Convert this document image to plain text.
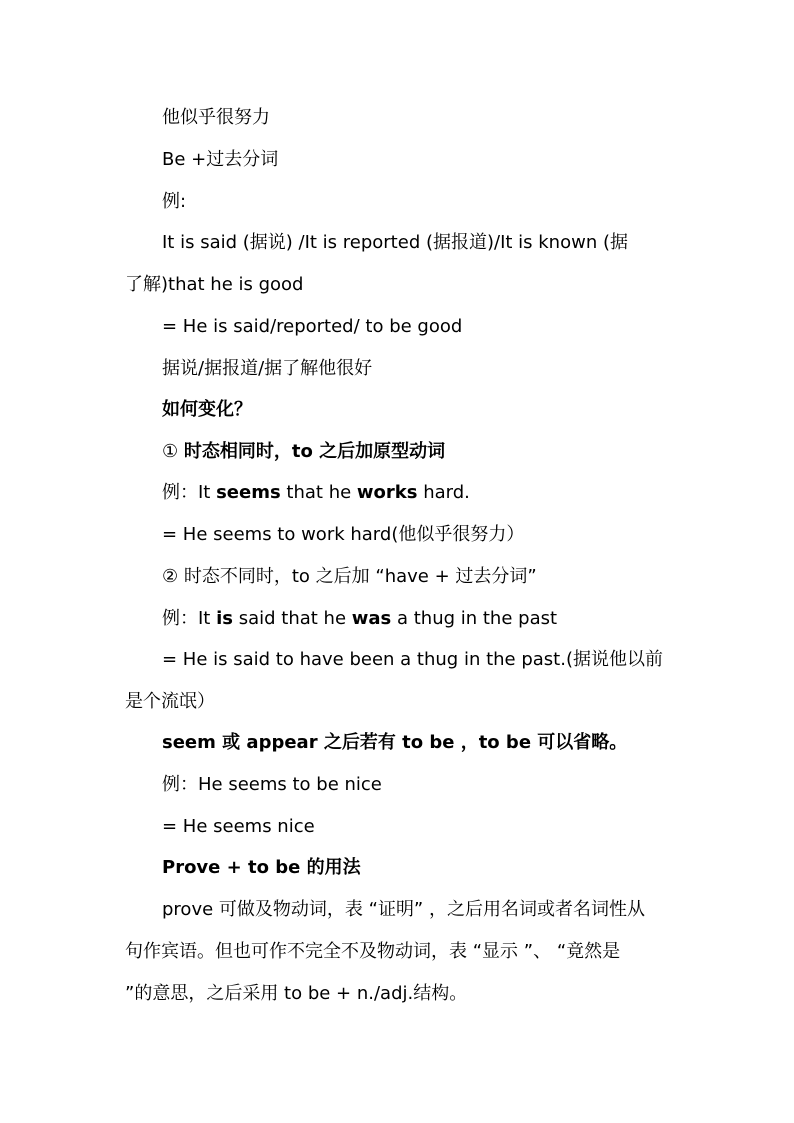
他似乎很努力
Be +过去分词
例:
It is said (据说) /It is reported (据报道)/It is known (据
了解)that he is good
= He is said/reported/ to be good
据说/据报道/据了解他很好
如何变化？
① 时态相同时，to 之后加原型动词
例：It seems that he works hard.
= He seems to work hard(他似乎很努力）
② 时态不同时，to 之后加 “have + 过去分词”
例：It is said that he was a thug in the past
= He is said to have been a thug in the past.(据说他以前
是个流氓）
seem 或 appear 之后若有 to be ，to be 可以省略。
例：He seems to be nice
= He seems nice
Prove + to be 的用法
prove 可做及物动词，表 “证明” ，之后用名词或者名词性从
句作宾语。但也可作不完全不及物动词，表 “显示 ”、 “竟然是
”的意思，之后采用 to be + n./adj.结构。
